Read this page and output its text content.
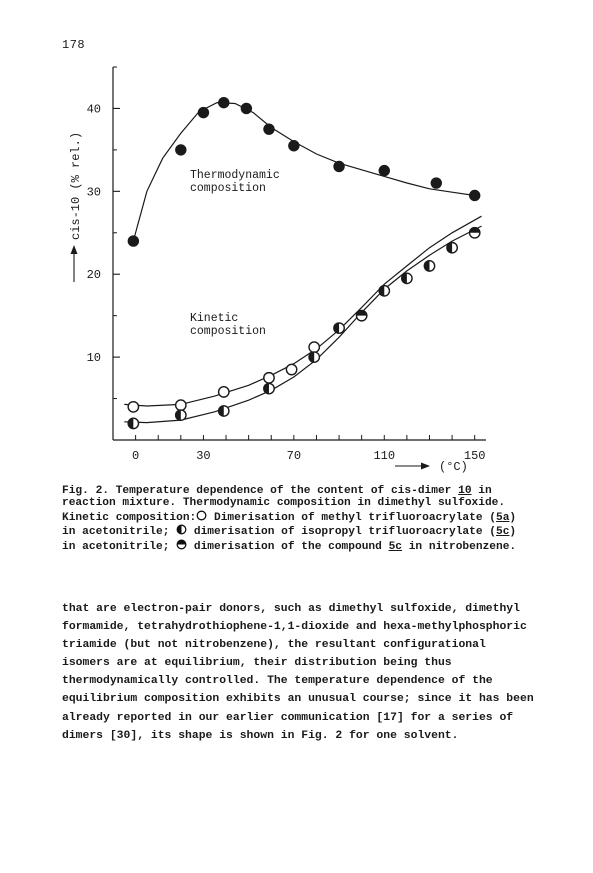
178
10
20
30
40
0	30	70	110	150
cis-10 (% rel.)
(°C)
Thermodynamic
composition
Kinetic
composition
Fig. 2. Temperature dependence of the content of cis-dimer 10 in reaction mixture. Thermodynamic composition in dimethyl sulfoxide. Kinetic composition: Dimerisation of methyl trifluoroacrylate (5a) in acetonitrile; dimerisation of isopropyl trifluoroacrylate (5c) in acetonitrile; dimerisation of the compound 5c in nitrobenzene.

that are electron-pair donors, such as dimethyl sulfoxide, dimethyl formamide, tetrahydrothiophene-1,1-dioxide and hexa-methylphosphoric triamide (but not nitrobenzene), the resultant configurational isomers are at equilibrium, their distribution being thus thermodynamically controlled. The temperature dependence of the equilibrium composition exhibits an unusual course; since it has been already reported in our earlier communication [17] for a series of dimers [30], its shape is shown in Fig. 2 for one solvent.
